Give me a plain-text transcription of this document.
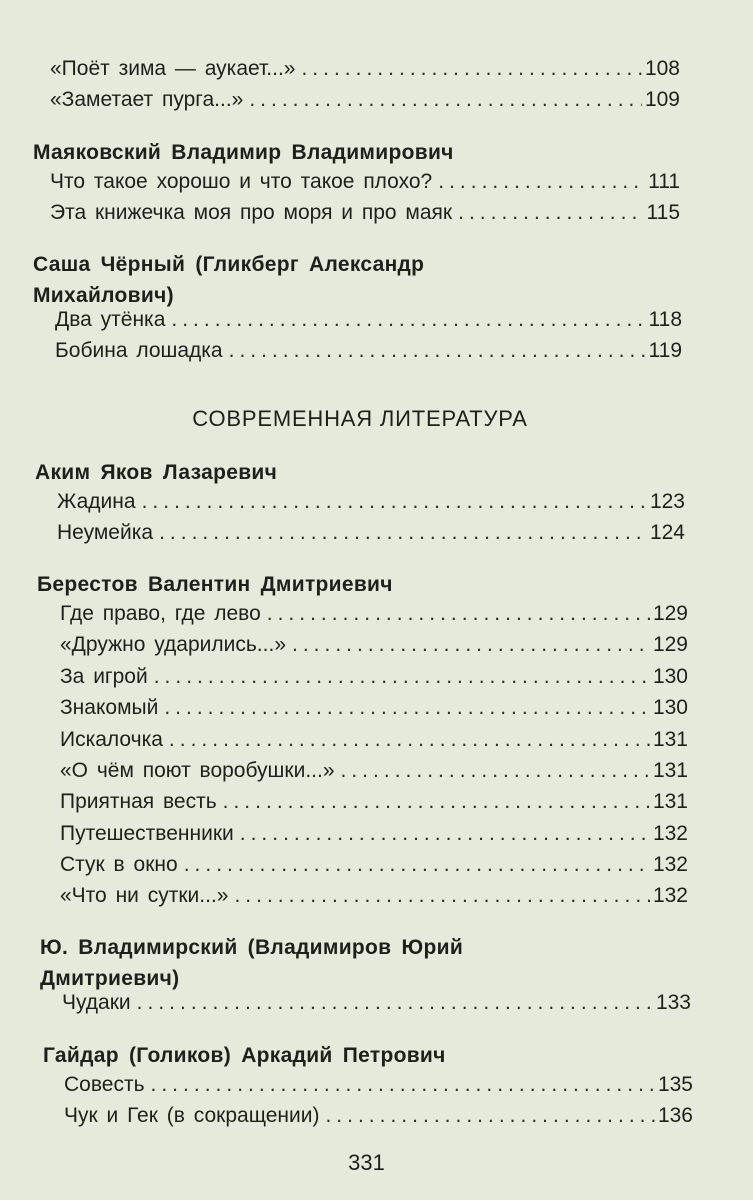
«Поёт зима — аукает...» .....	108
«Заметает пурга...» .....	109
Маяковский Владимир Владимирович
Что такое хорошо и что такое плохо? .....	111
Эта книжечка моя про моря и про маяк .....	115
Саша Чёрный (Гликберг Александр
Михайлович)
Два утёнка .....	118
Бобина лошадка .....	119
СОВРЕМЕННАЯ ЛИТЕРАТУРА
Аким Яков Лазаревич
Жадина .....	123
Неумейка .....	124
Берестов Валентин Дмитриевич
Где право, где лево .....	129
«Дружно ударились...» .....	129
За игрой .....	130
Знакомый .....	130
Искалочка .....	131
«О чём поют воробушки...» .....	131
Приятная весть .....	131
Путешественники .....	132
Стук в окно .....	132
«Что ни сутки...» .....	132
Ю. Владимирский (Владимиров Юрий
Дмитриевич)
Чудаки .....	133
Гайдар (Голиков) Аркадий Петрович
Совесть .....	135
Чук и Гек (в сокращении) .....	136
331
